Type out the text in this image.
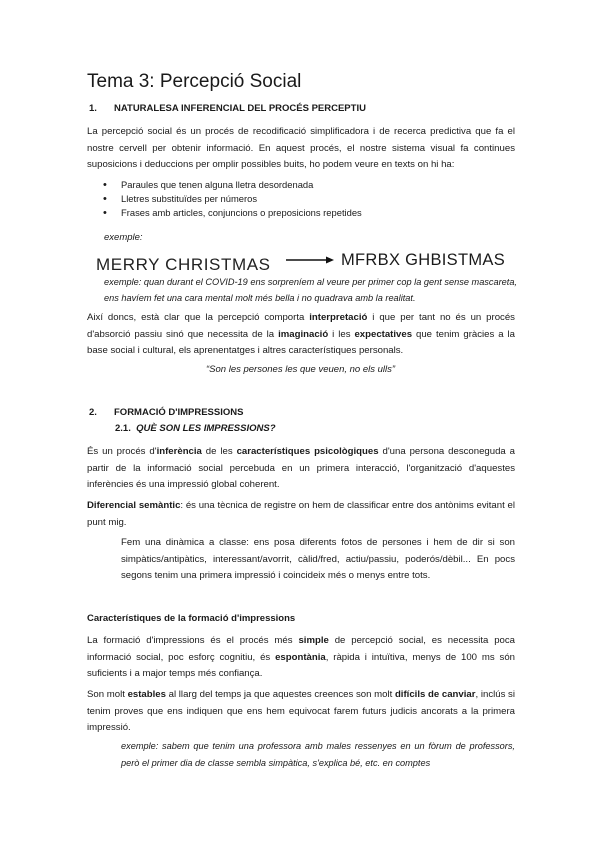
Tema 3: Percepció Social
1. NATURALESA INFERENCIAL DEL PROCÉS PERCEPTIU

La percepció social és un procés de recodificació simplificadora i de recerca predictiva que fa el nostre cervell per obtenir informació. En aquest procés, el nostre sistema visual fa continues suposicions i deduccions per omplir possibles buits, ho podem veure en texts on hi ha:

• Paraules que tenen alguna lletra desordenada
• Lletres substituïdes per números
• Frases amb articles, conjuncions o preposicions repetides
exemple:
MERRY CHRISTMAS	MFRBX GHBISTMAS

exemple: quan durant el COVID-19 ens sorpreníem al veure per primer cop la gent sense mascareta, ens havíem fet una cara mental molt més bella i no quadrava amb la realitat.

Així doncs, està clar que la percepció comporta interpretació i que per tant no és un procés d'absorció passiu sinó que necessita de la imaginació i les expectatives que tenim gràcies a la base social i cultural, els aprenentatges i altres característiques personals.

“Son les persones les que veuen, no els ulls”
2. FORMACIÓ D'IMPRESSIONS
2.1. QUÈ SON LES IMPRESSIONS?

És un procés d'inferència de les característiques psicològiques d'una persona desconeguda a partir de la informació social percebuda en un primera interacció, l'organització d'aquestes inferències és una impressió global coherent.

Diferencial semàntic: és una tècnica de registre on hem de classificar entre dos antònims evitant el punt mig.

Fem una dinàmica a classe: ens posa diferents fotos de persones i hem de dir si son simpàtics/antipàtics, interessant/avorrit, càlid/fred, actiu/passiu, poderós/dèbil... En pocs segons tenim una primera impressió i coincideix més o menys entre tots.

Característiques de la formació d'impressions

La formació d'impressions és el procés més simple de percepció social, es necessita poca informació social, poc esforç cognitiu, és espontània, ràpida i intuïtiva, menys de 100 ms són suficients i a major temps més confiança.

Son molt estables al llarg del temps ja que aquestes creences son molt difícils de canviar, inclús si tenim proves que ens indiquen que ens hem equivocat farem futurs judicis ancorats a la primera impressió.

exemple: sabem que tenim una professora amb males ressenyes en un fòrum de professors, però el primer dia de classe sembla simpàtica, s'explica bé, etc. en comptes
